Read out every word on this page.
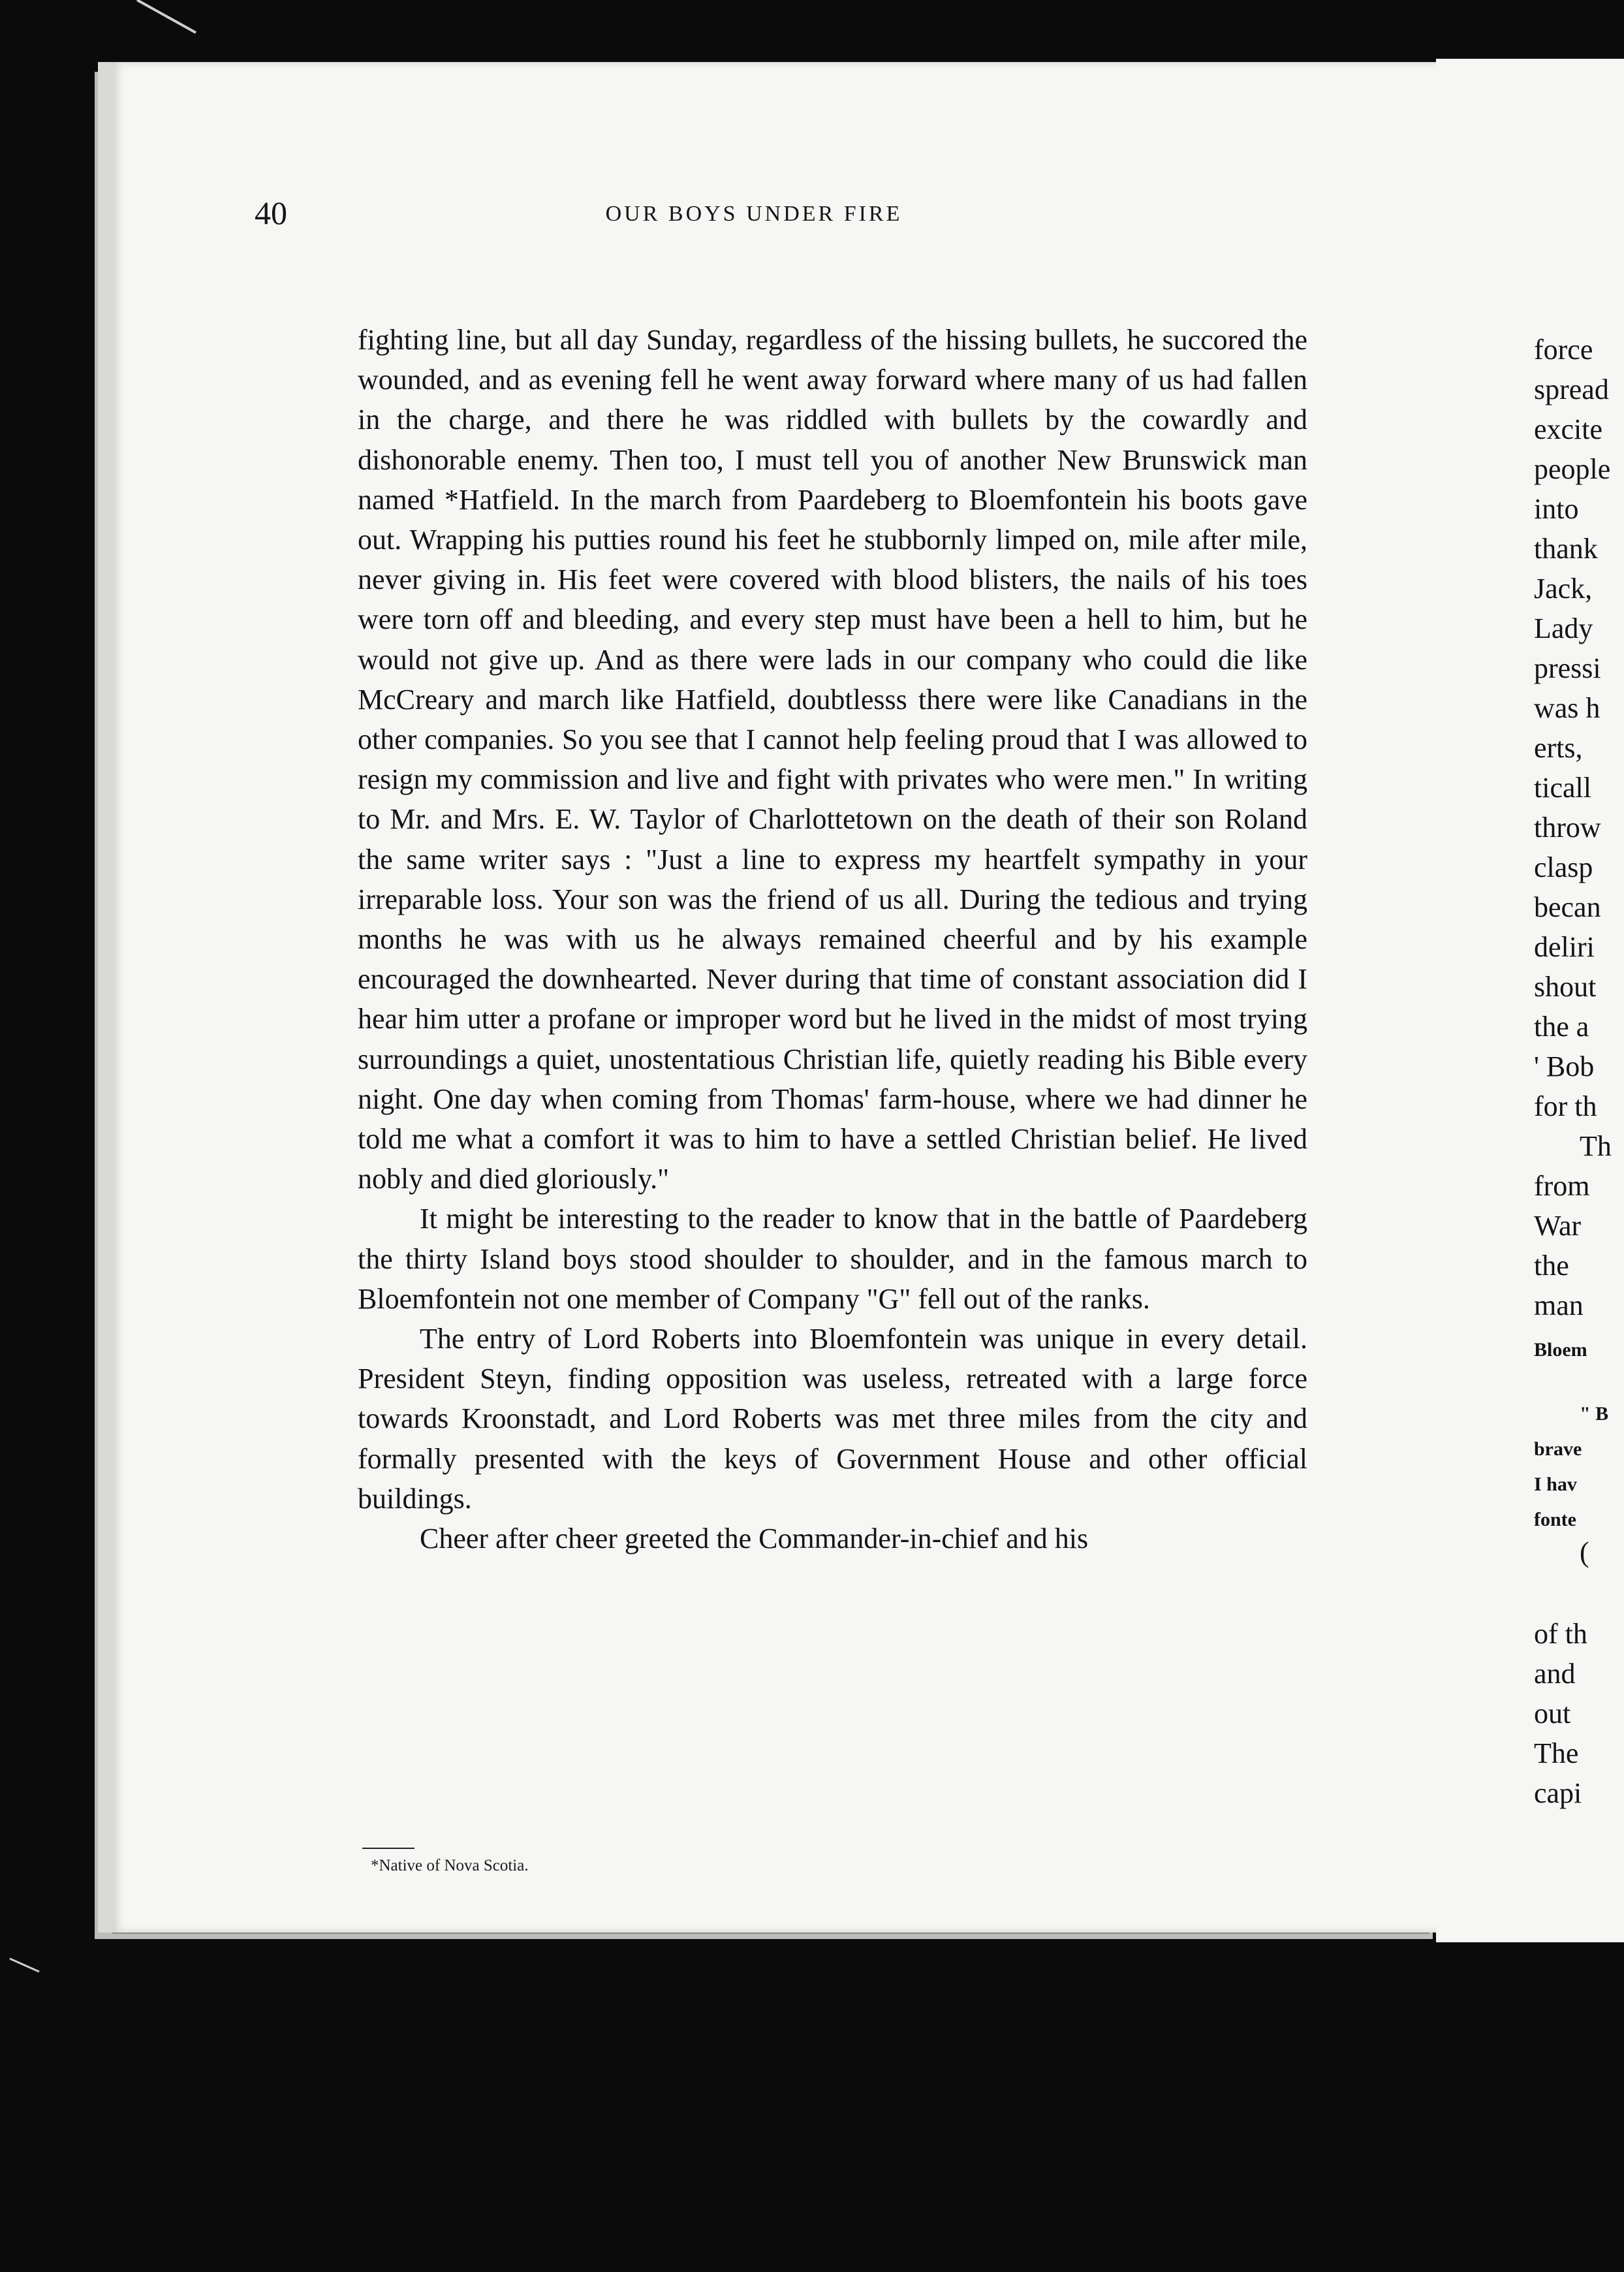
40	OUR BOYS UNDER FIRE

fighting line, but all day Sunday, regardless of the hissing bullets, he succored the wounded, and as evening fell he went away forward where many of us had fallen in the charge, and there he was riddled with bullets by the cowardly and dishonorable enemy. Then too, I must tell you of another New Brunswick man named *Hatfield. In the march from Paardeberg to Bloemfontein his boots gave out. Wrapping his putties round his feet he stubbornly limped on, mile after mile, never giving in. His feet were covered with blood blisters, the nails of his toes were torn off and bleeding, and every step must have been a hell to him, but he would not give up. And as there were lads in our company who could die like McCreary and march like Hatfield, doubtlesss there were like Canadians in the other companies. So you see that I cannot help feeling proud that I was allowed to resign my commission and live and fight with privates who were men." In writing to Mr. and Mrs. E. W. Taylor of Charlottetown on the death of their son Roland the same writer says : "Just a line to express my heartfelt sympathy in your irreparable loss. Your son was the friend of us all. During the tedious and trying months he was with us he always remained cheerful and by his example encouraged the downhearted. Never during that time of constant association did I hear him utter a profane or improper word but he lived in the midst of most trying surroundings a quiet, unostentatious Christian life, quietly reading his Bible every night. One day when coming from Thomas' farm-house, where we had dinner he told me what a comfort it was to him to have a settled Christian belief. He lived nobly and died gloriously."

It might be interesting to the reader to know that in the battle of Paardeberg the thirty Island boys stood shoulder to shoulder, and in the famous march to Bloemfontein not one member of Company "G" fell out of the ranks.

The entry of Lord Roberts into Bloemfontein was unique in every detail. President Steyn, finding opposition was useless, retreated with a large force towards Kroonstadt, and Lord Roberts was met three miles from the city and formally presented with the keys of Government House and other official buildings.

Cheer after cheer greeted the Commander-in-chief and his

*Native of Nova Scotia.
force
spread
excite
people
into
thank
Jack,
Lady
pressi
was h
erts,
ticall
throw
clasp
becan
deliri
shout
the a
' Bob
for th
Th
from
War
the
man
Bloem
" B
brave
I hav
fonte
(
of th
and
out
The
capi
